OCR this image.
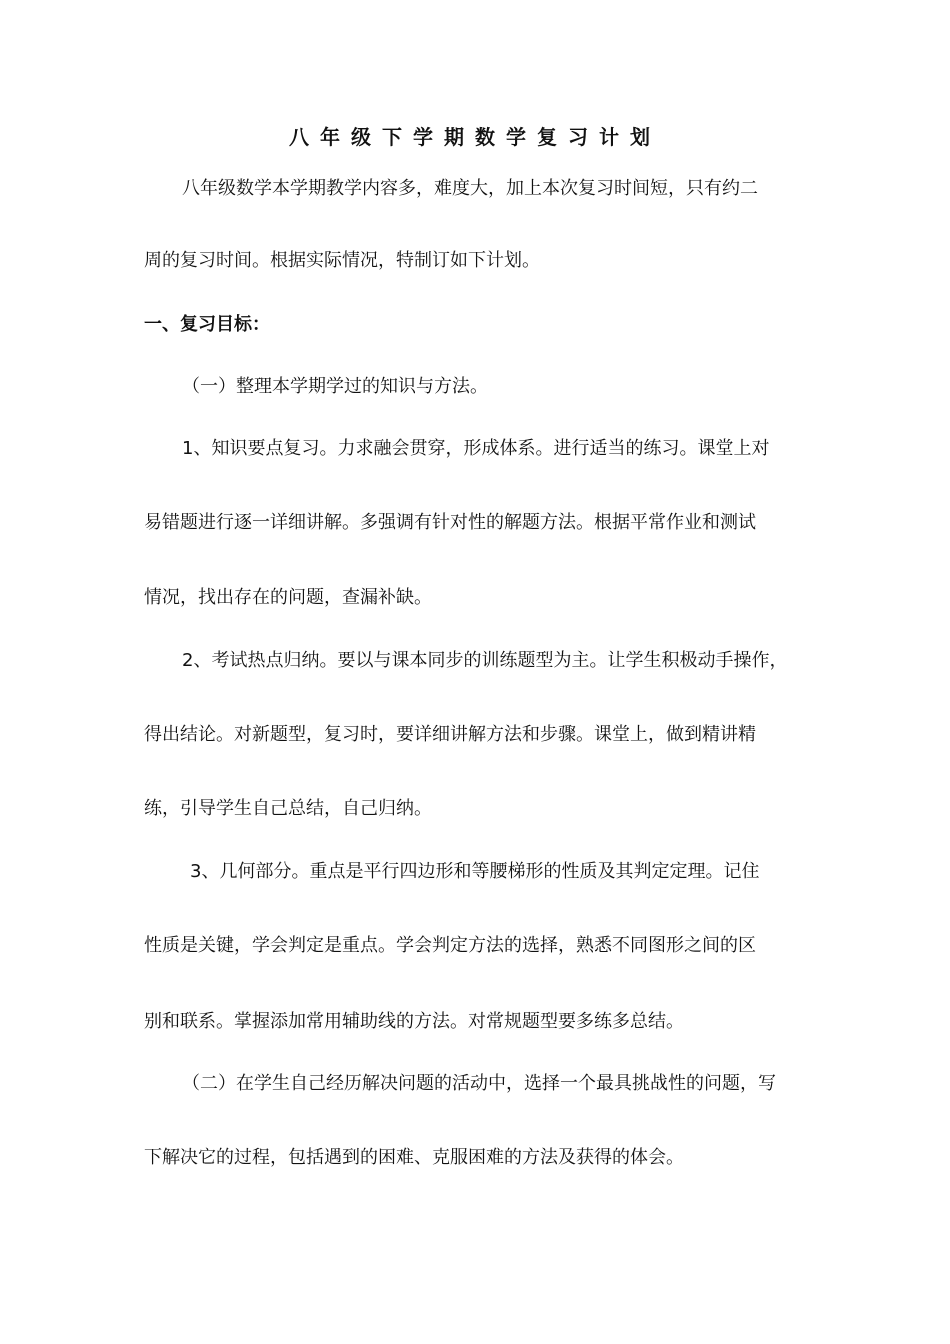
八年级下学期数学复习计划
八年级数学本学期教学内容多，难度大，加上本次复习时间短，只有约二
周的复习时间。根据实际情况，特制订如下计划。
一、复习目标：
（一）整理本学期学过的知识与方法。
1、知识要点复习。力求融会贯穿，形成体系。进行适当的练习。课堂上对
易错题进行逐一详细讲解。多强调有针对性的解题方法。根据平常作业和测试
情况，找出存在的问题，查漏补缺。
2、考试热点归纳。要以与课本同步的训练题型为主。让学生积极动手操作，
得出结论。对新题型，复习时，要详细讲解方法和步骤。课堂上，做到精讲精
练，引导学生自己总结，自己归纳。
3、几何部分。重点是平行四边形和等腰梯形的性质及其判定定理。记住
性质是关键，学会判定是重点。学会判定方法的选择，熟悉不同图形之间的区
别和联系。掌握添加常用辅助线的方法。对常规题型要多练多总结。
（二）在学生自己经历解决问题的活动中，选择一个最具挑战性的问题，写
下解决它的过程，包括遇到的困难、克服困难的方法及获得的体会。
